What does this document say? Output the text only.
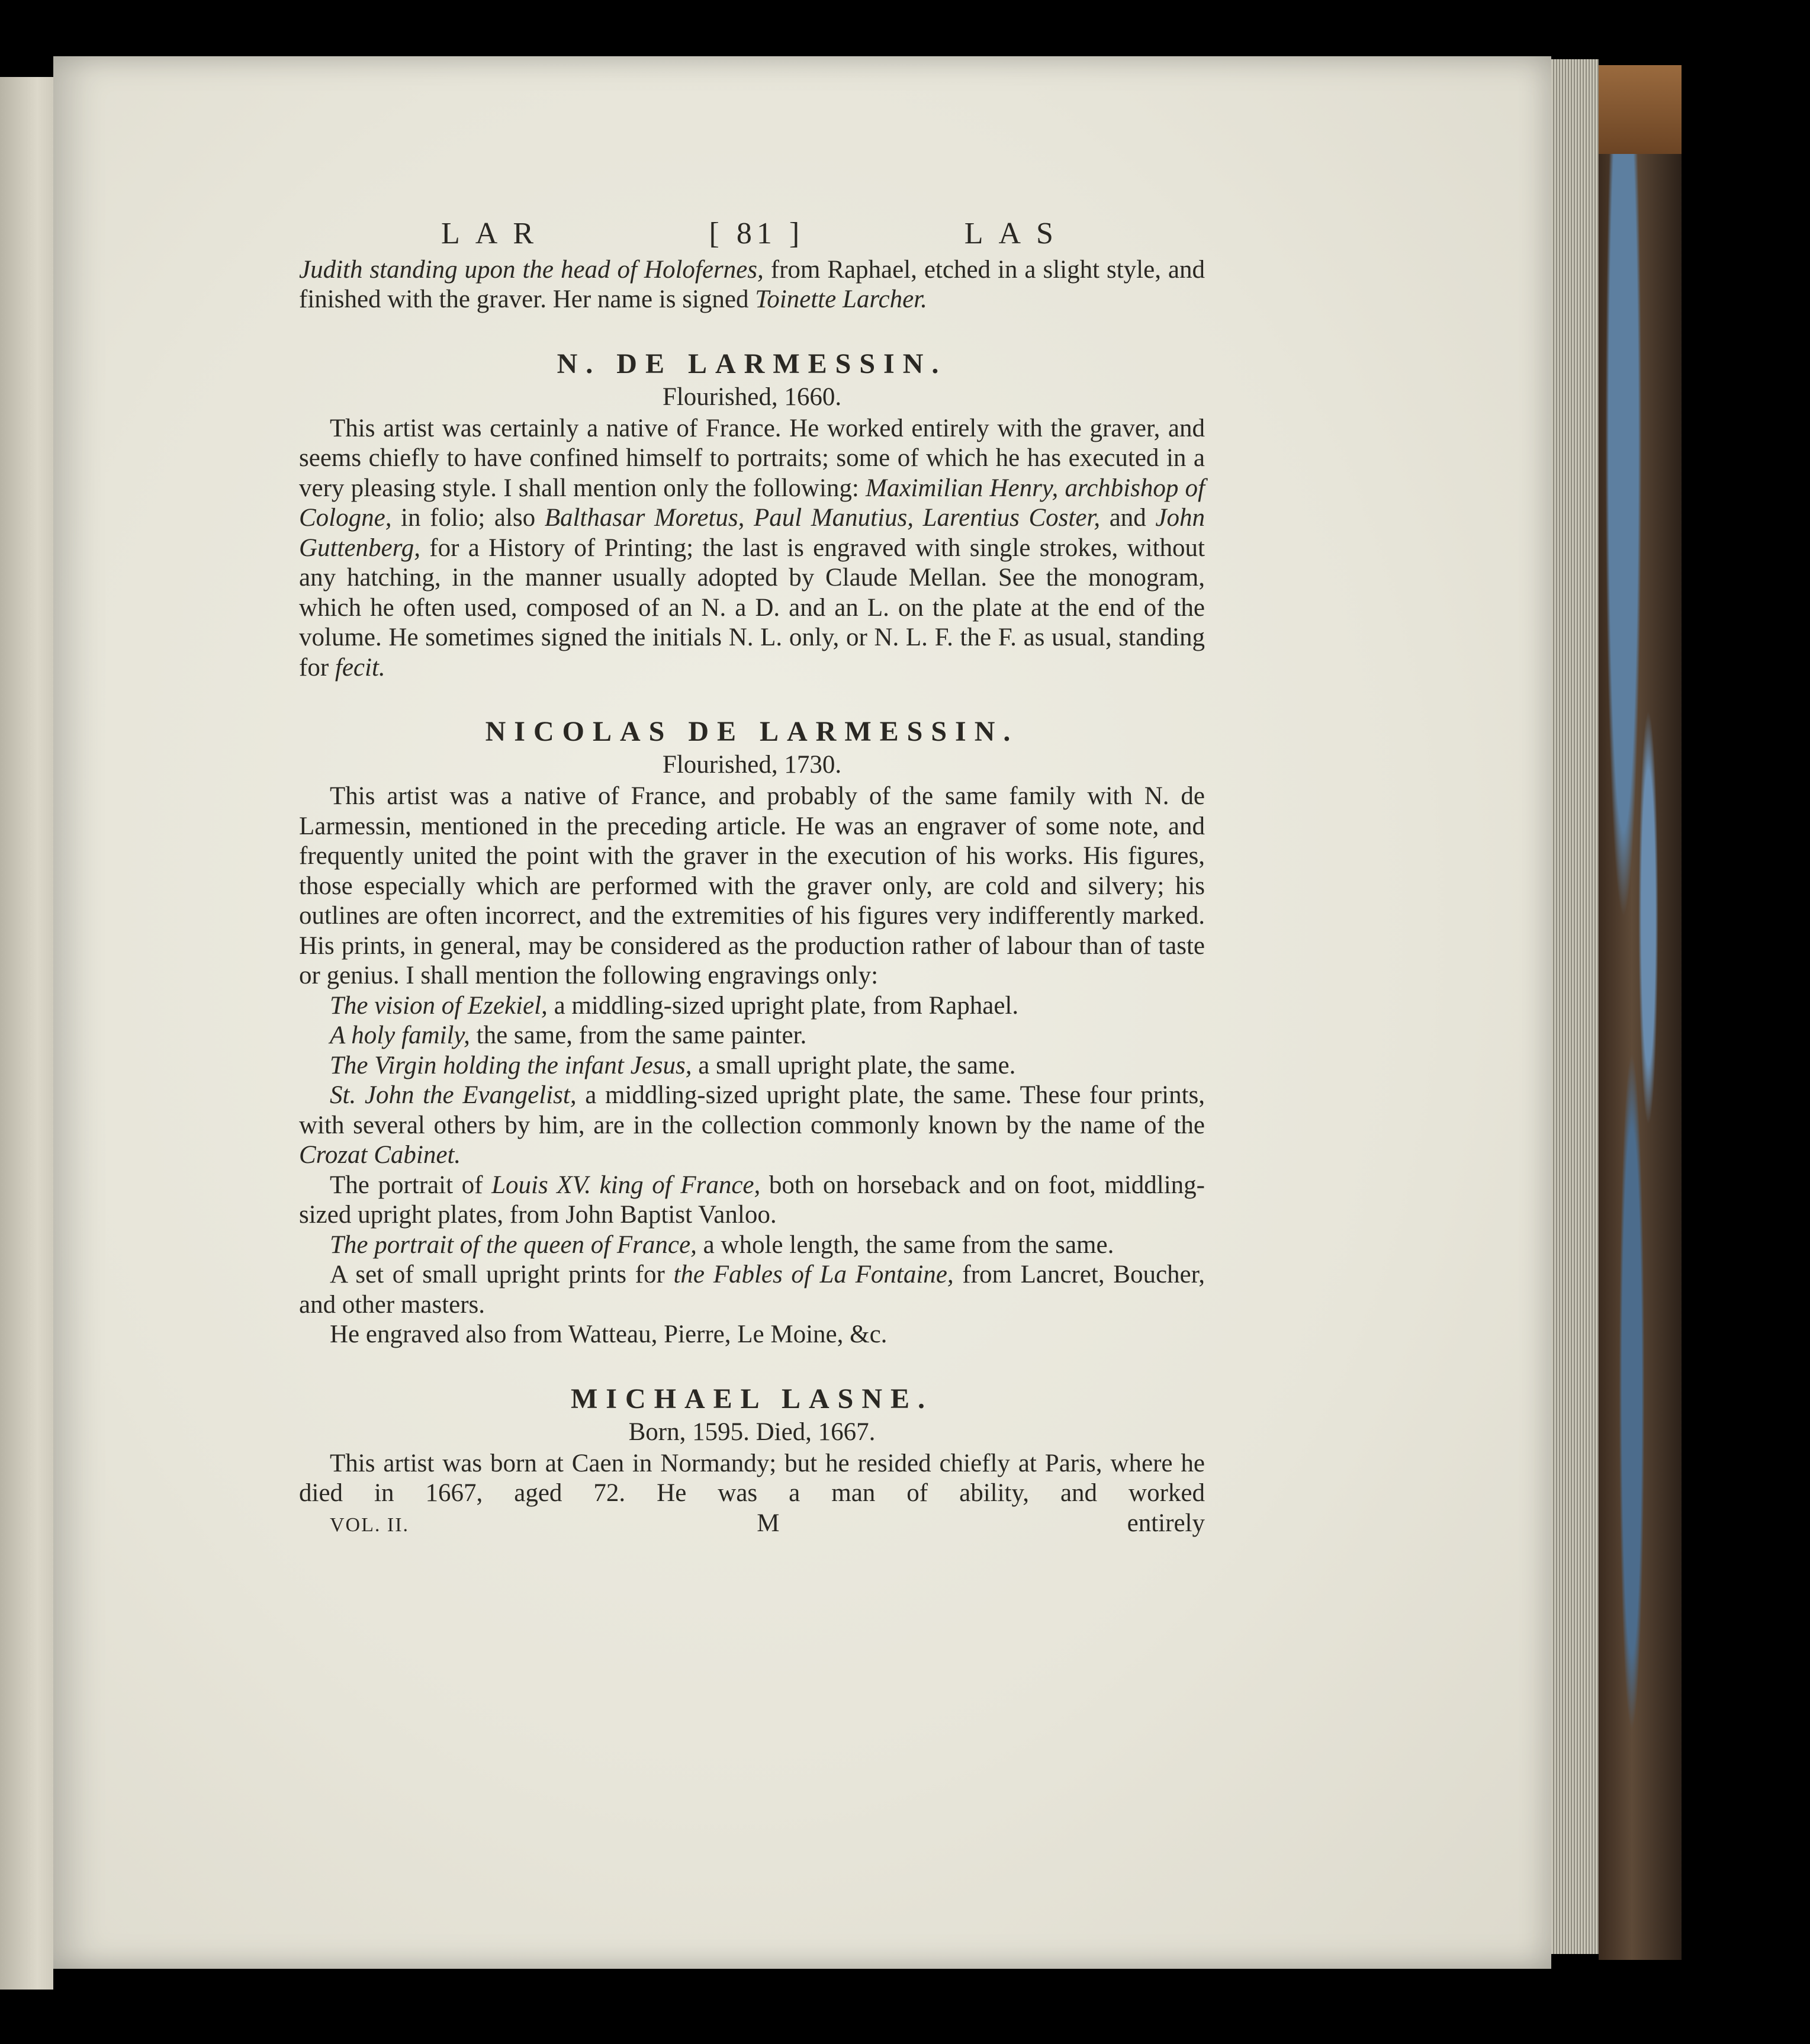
LAR	[ 81 ]	LAS

Judith standing upon the head of Holofernes, from Raphael, etched in a slight style, and finished with the graver. Her name is signed Toinette Larcher.

N. DE LARMESSIN.

Flourished, 1660.

This artist was certainly a native of France. He worked entirely with the graver, and seems chiefly to have confined himself to portraits; some of which he has executed in a very pleasing style. I shall mention only the following: Maximilian Henry, archbishop of Cologne, in folio; also Balthasar Moretus, Paul Manutius, Larentius Coster, and John Guttenberg, for a History of Printing; the last is engraved with single strokes, without any hatching, in the manner usually adopted by Claude Mellan. See the monogram, which he often used, composed of an N. a D. and an L. on the plate at the end of the volume. He sometimes signed the initials N. L. only, or N. L. F. the F. as usual, standing for fecit.

NICOLAS DE LARMESSIN.

Flourished, 1730.

This artist was a native of France, and probably of the same family with N. de Larmessin, mentioned in the preceding article. He was an engraver of some note, and frequently united the point with the graver in the execution of his works. His figures, those especially which are performed with the graver only, are cold and silvery; his outlines are often incorrect, and the extremities of his figures very indifferently marked. His prints, in general, may be considered as the production rather of labour than of taste or genius. I shall mention the following engravings only:

The vision of Ezekiel, a middling-sized upright plate, from Raphael.

A holy family, the same, from the same painter.

The Virgin holding the infant Jesus, a small upright plate, the same.

St. John the Evangelist, a middling-sized upright plate, the same. These four prints, with several others by him, are in the collection commonly known by the name of the Crozat Cabinet.

The portrait of Louis XV. king of France, both on horseback and on foot, middling-sized upright plates, from John Baptist Vanloo.

The portrait of the queen of France, a whole length, the same from the same.

A set of small upright prints for the Fables of La Fontaine, from Lancret, Boucher, and other masters.

He engraved also from Watteau, Pierre, Le Moine, &c.

MICHAEL LASNE.

Born, 1595. Died, 1667.

This artist was born at Caen in Normandy; but he resided chiefly at Paris, where he died in 1667, aged 72. He was a man of ability, and worked

VOL. II.	M	entirely
